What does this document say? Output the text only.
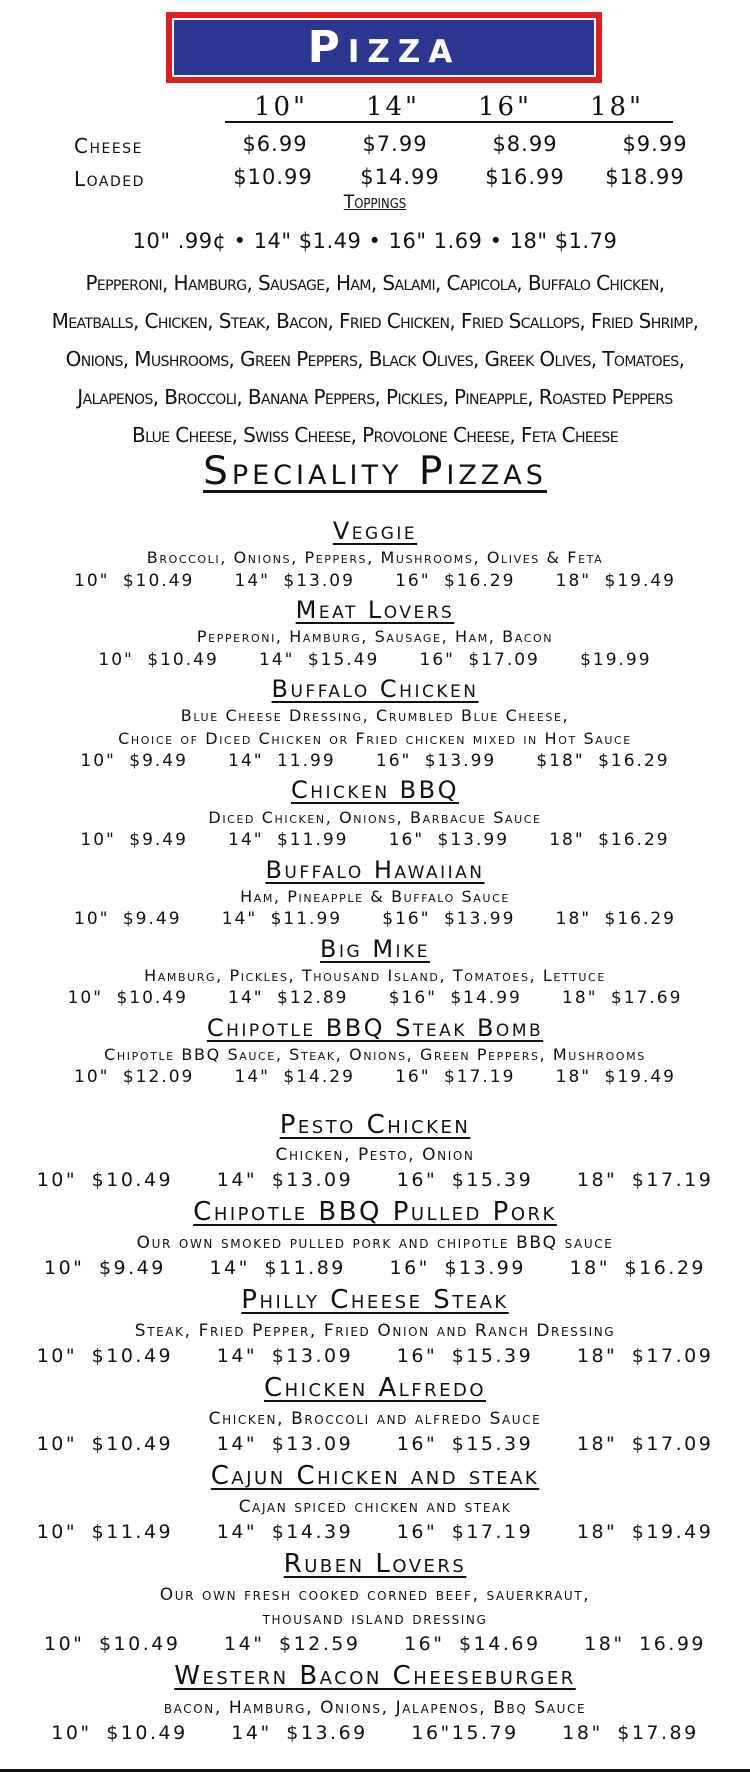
Pizza
10" 14" 16" 18"
Cheese	$6.99	$7.99	$8.99	$9.99
Loaded	$10.99	$14.99	$16.99	$18.99
Toppings
10" .99¢ • 14" $1.49 • 16" 1.69 • 18" $1.79
Pepperoni, Hamburg, Sausage, Ham, Salami, Capicola, Buffalo Chicken,
Meatballs, Chicken, Steak, Bacon, Fried Chicken, Fried Scallops, Fried Shrimp,
Onions, Mushrooms, Green Peppers, Black Olives, Greek Olives, Tomatoes,
Jalapenos, Broccoli, Banana Peppers, Pickles, Pineapple, Roasted Peppers
Blue Cheese, Swiss Cheese, Provolone Cheese, Feta Cheese
Speciality Pizzas
Veggie
Broccoli, Onions, Peppers, Mushrooms, Olives & Feta
10" $10.49   14" $13.09   16" $16.29   18" $19.49
Meat Lovers
Pepperoni, Hamburg, Sausage, Ham, Bacon
10" $10.49   14" $15.49   16" $17.09   $19.99
Buffalo Chicken
Blue Cheese Dressing, Crumbled Blue Cheese,
Choice of Diced Chicken or Fried chicken mixed in Hot Sauce
10" $9.49   14" 11.99   16" $13.99   $18" $16.29
Chicken BBQ
Diced Chicken, Onions, Barbacue Sauce
10" $9.49   14" $11.99   16" $13.99   18" $16.29
Buffalo Hawaiian
Ham, Pineapple & Buffalo Sauce
10" $9.49   14" $11.99   $16" $13.99   18" $16.29
Big Mike
Hamburg, Pickles, Thousand Island, Tomatoes, Lettuce
10" $10.49   14" $12.89   $16" $14.99   18" $17.69
Chipotle BBQ Steak Bomb
Chipotle BBQ Sauce, Steak, Onions, Green Peppers, Mushrooms
10" $12.09   14" $14.29   16" $17.19   18" $19.49
Pesto Chicken
Chicken, Pesto, Onion
10" $10.49   14" $13.09   16" $15.39   18" $17.19
Chipotle BBQ Pulled Pork
Our own smoked pulled pork and chipotle BBQ sauce
10" $9.49   14" $11.89   16" $13.99   18" $16.29
Philly Cheese Steak
Steak, Fried Pepper, Fried Onion and Ranch Dressing
10" $10.49   14" $13.09   16" $15.39   18" $17.09
Chicken Alfredo
Chicken, Broccoli and alfredo Sauce
10" $10.49   14" $13.09   16" $15.39   18" $17.09
Cajun Chicken and steak
Cajan spiced chicken and steak
10" $11.49   14" $14.39   16" $17.19   18" $19.49
Ruben Lovers
Our own fresh cooked corned beef, sauerkraut,
thousand island dressing
10" $10.49   14" $12.59   16" $14.69   18" 16.99
Western Bacon Cheeseburger
bacon, Hamburg, Onions, Jalapenos, Bbq Sauce
10" $10.49   14" $13.69   16"15.79   18" $17.89
